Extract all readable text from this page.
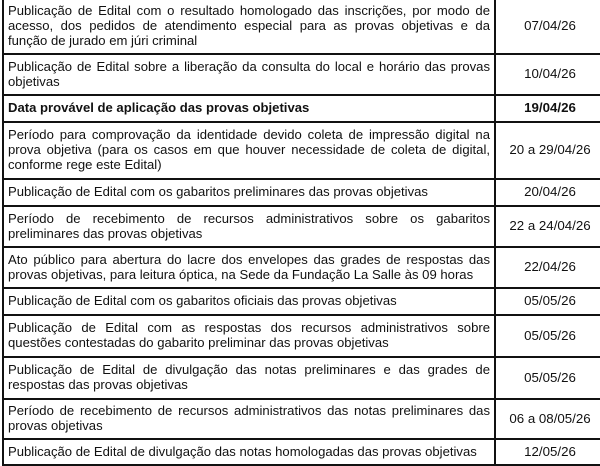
Publicação de Edital com o resultado homologado das inscrições, por modo de acesso, dos pedidos de atendimento especial para as provas objetivas e da função de jurado em júri criminal	07/04/26
Publicação de Edital sobre a liberação da consulta do local e horário das provas objetivas	10/04/26
Data provável de aplicação das provas objetivas	19/04/26
Período para comprovação da identidade devido coleta de impressão digital na prova objetiva (para os casos em que houver necessidade de coleta de digital, conforme rege este Edital)	20 a 29/04/26
Publicação de Edital com os gabaritos preliminares das provas objetivas	20/04/26
Período de recebimento de recursos administrativos sobre os gabaritos preliminares das provas objetivas	22 a 24/04/26
Ato público para abertura do lacre dos envelopes das grades de respostas das provas objetivas, para leitura óptica, na Sede da Fundação La Salle às 09 horas	22/04/26
Publicação de Edital com os gabaritos oficiais das provas objetivas	05/05/26
Publicação de Edital com as respostas dos recursos administrativos sobre questões contestadas do gabarito preliminar das provas objetivas	05/05/26
Publicação de Edital de divulgação das notas preliminares e das grades de respostas das provas objetivas	05/05/26
Período de recebimento de recursos administrativos das notas preliminares das provas objetivas	06 a 08/05/26
Publicação de Edital de divulgação das notas homologadas das provas objetivas	12/05/26
